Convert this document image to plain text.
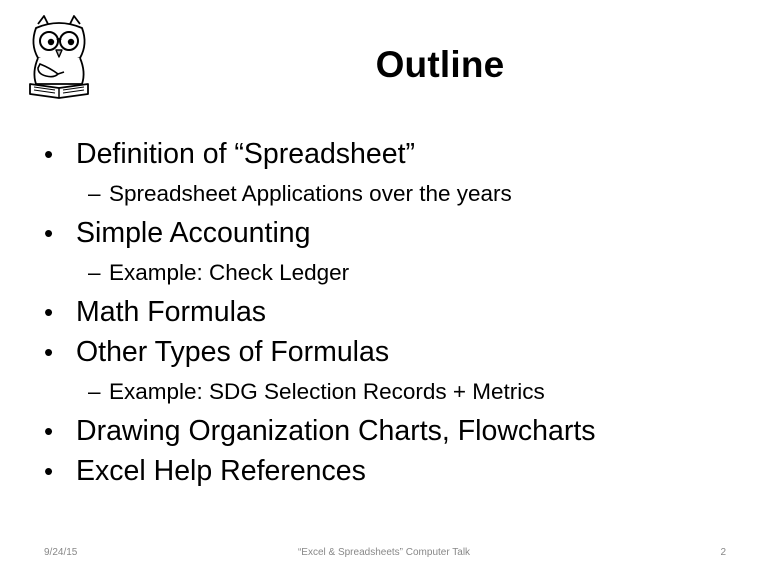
Outline
• Definition of “Spreadsheet”
– Spreadsheet Applications over the years
• Simple Accounting
– Example: Check Ledger
• Math Formulas
• Other Types of Formulas
– Example: SDG Selection Records + Metrics
• Drawing Organization Charts, Flowcharts
• Excel Help References
9/24/15	“Excel & Spreadsheets” Computer Talk	2
